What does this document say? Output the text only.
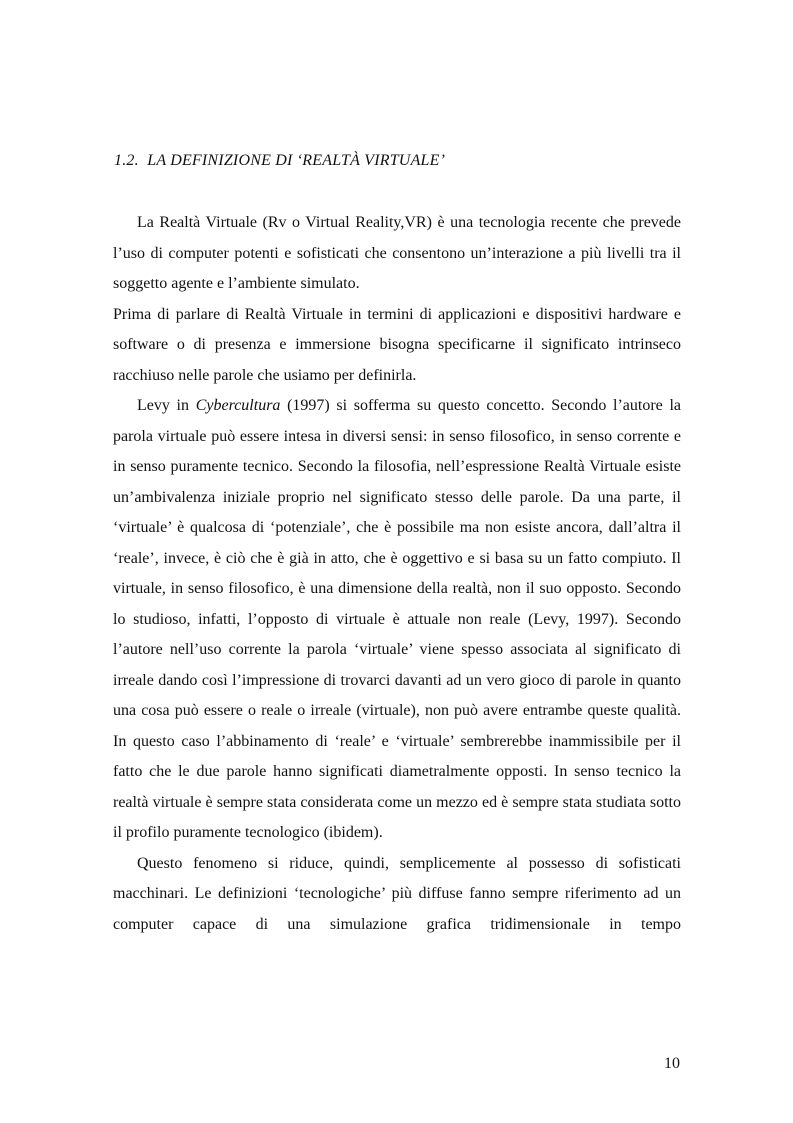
1.2. LA DEFINIZIONE DI ‘REALTÀ VIRTUALE’

La Realtà Virtuale (Rv o Virtual Reality,VR) è una tecnologia recente che prevede l’uso di computer potenti e sofisticati che consentono un’interazione a più livelli tra il soggetto agente e l’ambiente simulato.

Prima di parlare di Realtà Virtuale in termini di applicazioni e dispositivi hardware e software o di presenza e immersione bisogna specificarne il significato intrinseco racchiuso nelle parole che usiamo per definirla.

Levy in Cybercultura (1997) si sofferma su questo concetto. Secondo l’autore la parola virtuale può essere intesa in diversi sensi: in senso filosofico, in senso corrente e in senso puramente tecnico. Secondo la filosofia, nell’espressione Realtà Virtuale esiste un’ambivalenza iniziale proprio nel significato stesso delle parole. Da una parte, il ‘virtuale’ è qualcosa di ‘potenziale’, che è possibile ma non esiste ancora, dall’altra il ‘reale’, invece, è ciò che è già in atto, che è oggettivo e si basa su un fatto compiuto. Il virtuale, in senso filosofico, è una dimensione della realtà, non il suo opposto. Secondo lo studioso, infatti, l’opposto di virtuale è attuale non reale (Levy, 1997). Secondo l’autore nell’uso corrente la parola ‘virtuale’ viene spesso associata al significato di irreale dando così l’impressione di trovarci davanti ad un vero gioco di parole in quanto una cosa può essere o reale o irreale (virtuale), non può avere entrambe queste qualità. In questo caso l’abbinamento di ‘reale’ e ‘virtuale’ sembrerebbe inammissibile per il fatto che le due parole hanno significati diametralmente opposti. In senso tecnico la realtà virtuale è sempre stata considerata come un mezzo ed è sempre stata studiata sotto il profilo puramente tecnologico (ibidem).

Questo fenomeno si riduce, quindi, semplicemente al possesso di sofisticati macchinari. Le definizioni ‘tecnologiche’ più diffuse fanno sempre riferimento ad un computer capace di una simulazione grafica tridimensionale in tempo

10
